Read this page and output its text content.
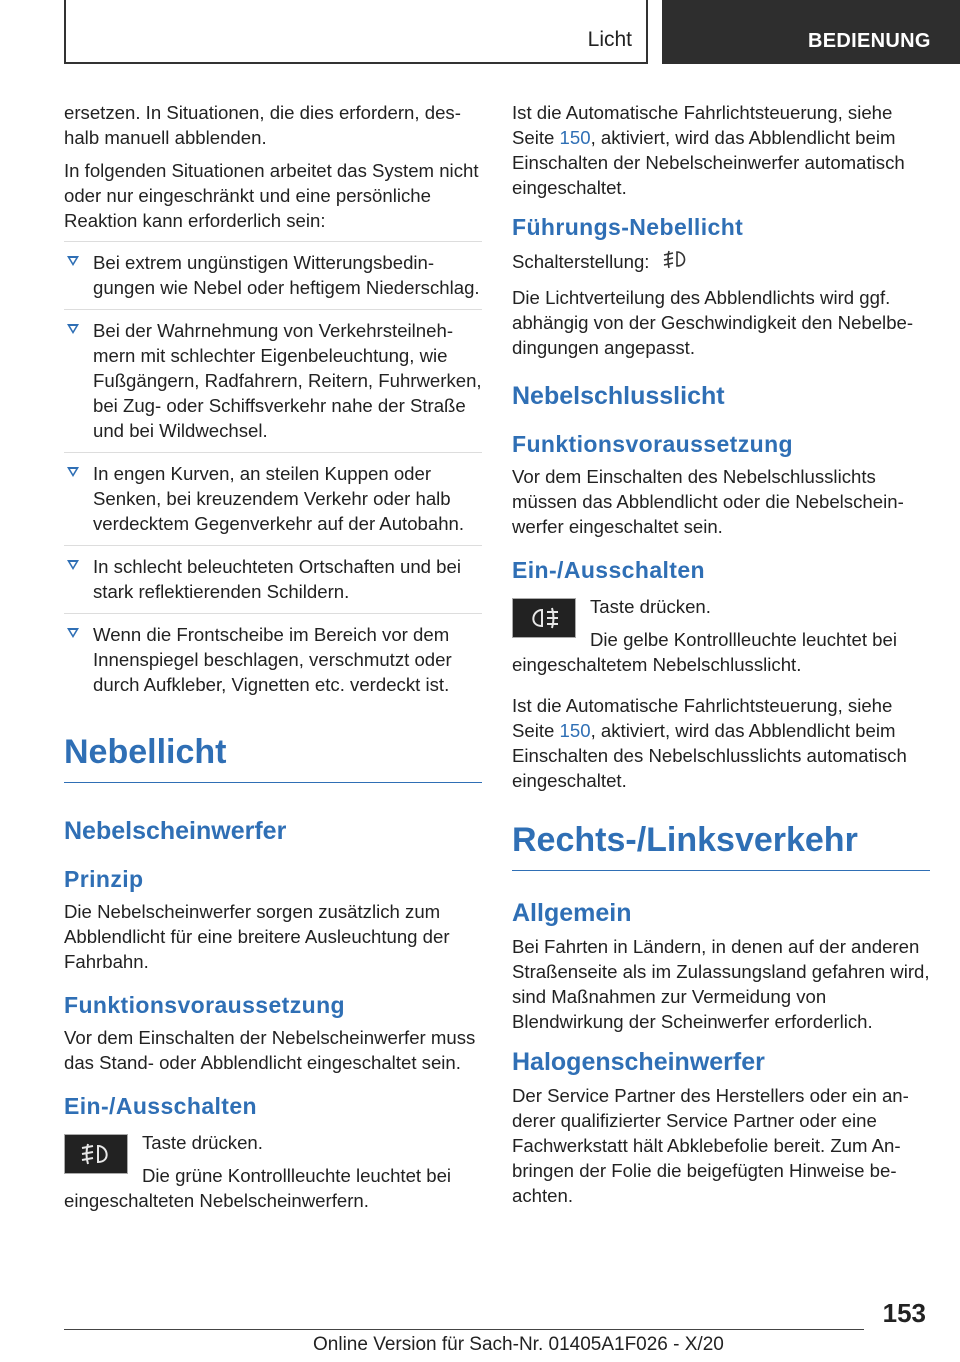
Licht	BEDIENUNG

ersetzen. In Situationen, die dies erfordern, deshalb manuell abblenden.

In folgenden Situationen arbeitet das System nicht oder nur eingeschränkt und eine persönliche Reaktion kann erforderlich sein:

Bei extrem ungünstigen Witterungsbedingungen wie Nebel oder heftigem Niederschlag.
Bei der Wahrnehmung von Verkehrsteilnehmern mit schlechter Eigenbeleuchtung, wie Fußgängern, Radfahrern, Reitern, Fuhrwerken, bei Zug- oder Schiffsverkehr nahe der Straße und bei Wildwechsel.
In engen Kurven, an steilen Kuppen oder Senken, bei kreuzendem Verkehr oder halb verdecktem Gegenverkehr auf der Autobahn.
In schlecht beleuchteten Ortschaften und bei stark reflektierenden Schildern.
Wenn die Frontscheibe im Bereich vor dem Innenspiegel beschlagen, verschmutzt oder durch Aufkleber, Vignetten etc. verdeckt ist.
Nebellicht
Nebelscheinwerfer
Prinzip

Die Nebelscheinwerfer sorgen zusätzlich zum Abblendlicht für eine breitere Ausleuchtung der Fahrbahn.

Funktionsvoraussetzung

Vor dem Einschalten der Nebelscheinwerfer muss das Stand- oder Abblendlicht eingeschaltet sein.

Ein-/Ausschalten

Taste drücken.

Die grüne Kontrollleuchte leuchtet bei eingeschalteten Nebelscheinwerfern.

Ist die Automatische Fahrlichtsteuerung, siehe Seite 150, aktiviert, wird das Abblendlicht beim Einschalten der Nebelscheinwerfer automatisch eingeschaltet.

Führungs-Nebellicht

Schalterstellung:

Die Lichtverteilung des Abblendlichts wird ggf. abhängig von der Geschwindigkeit den Nebelbedingungen angepasst.

Nebelschlusslicht
Funktionsvoraussetzung

Vor dem Einschalten des Nebelschlusslichts müssen das Abblendlicht oder die Nebelscheinwerfer eingeschaltet sein.

Ein-/Ausschalten

Taste drücken.

Die gelbe Kontrollleuchte leuchtet bei eingeschaltetem Nebelschlusslicht.

Ist die Automatische Fahrlichtsteuerung, siehe Seite 150, aktiviert, wird das Abblendlicht beim Einschalten des Nebelschlusslichts automatisch eingeschaltet.

Rechts-/Linksverkehr
Allgemein

Bei Fahrten in Ländern, in denen auf der anderen Straßenseite als im Zulassungsland gefahren wird, sind Maßnahmen zur Vermeidung von Blendwirkung der Scheinwerfer erforderlich.

Halogenscheinwerfer

Der Service Partner des Herstellers oder ein anderer qualifizierter Service Partner oder eine Fachwerkstatt hält Abklebefolie bereit. Zum Anbringen der Folie die beigefügten Hinweise beachten.

153
Online Version für Sach-Nr. 01405A1F026 - X/20
